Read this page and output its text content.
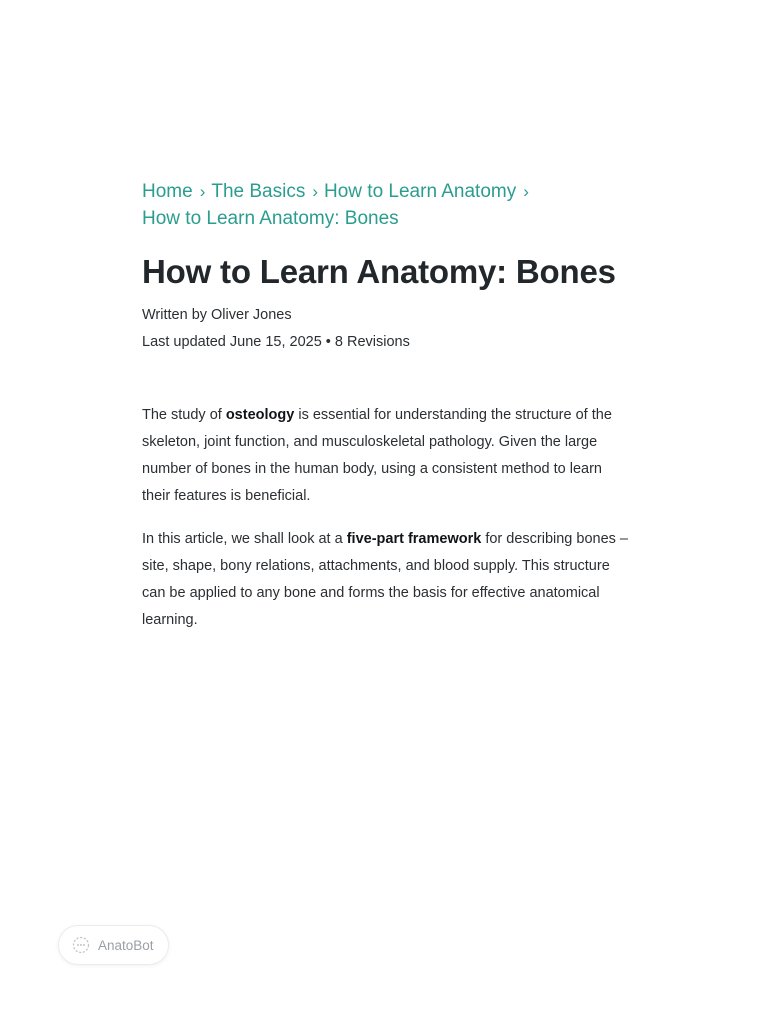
Home › The Basics › How to Learn Anatomy ›
How to Learn Anatomy: Bones
How to Learn Anatomy: Bones
Written by Oliver Jones
Last updated June 15, 2025 • 8 Revisions

The study of osteology is essential for understanding the structure of the skeleton, joint function, and musculoskeletal pathology. Given the large number of bones in the human body, using a consistent method to learn their features is beneficial.

In this article, we shall look at a five-part framework for describing bones – site, shape, bony relations, attachments, and blood supply. This structure can be applied to any bone and forms the basis for effective anatomical learning.

AnatoBot
